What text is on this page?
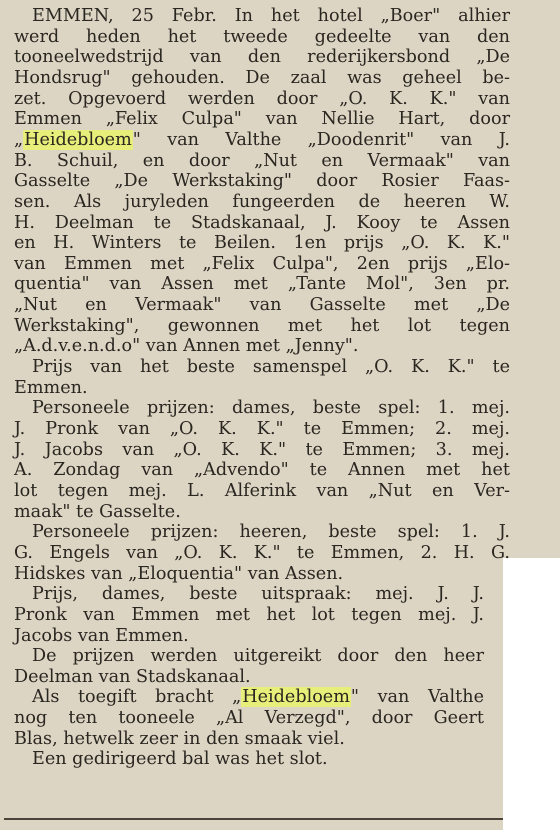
EMMEN, 25 Febr. In het hotel „Boer" alhier
werd heden het tweede gedeelte van den
tooneelwedstrijd van den rederijkersbond „De
Hondsrug" gehouden. De zaal was geheel be-
zet. Opgevoerd werden door „O. K. K." van
Emmen „Felix Culpa" van Nellie Hart, door
„Heidebloem" van Valthe „Doodenrit" van J.
B. Schuil, en door „Nut en Vermaak" van
Gasselte „De Werkstaking" door Rosier Faas-
sen. Als juryleden fungeerden de heeren W.
H. Deelman te Stadskanaal, J. Kooy te Assen
en H. Winters te Beilen. 1en prijs „O. K. K."
van Emmen met „Felix Culpa", 2en prijs „Elo-
quentia" van Assen met „Tante Mol", 3en pr.
„Nut en Vermaak" van Gasselte met „De
Werkstaking", gewonnen met het lot tegen
„A.d.v.e.n.d.o" van Annen met „Jenny".
Prijs van het beste samenspel „O. K. K." te
Emmen.
Personeele prijzen: dames, beste spel: 1. mej.
J. Pronk van „O. K. K." te Emmen; 2. mej.
J. Jacobs van „O. K. K." te Emmen; 3. mej.
A. Zondag van „Advendo" te Annen met het
lot tegen mej. L. Alferink van „Nut en Ver-
maak" te Gasselte.
Personeele prijzen: heeren, beste spel: 1. J.
G. Engels van „O. K. K." te Emmen, 2. H. G.
Hidskes van „Eloquentia" van Assen.
Prijs, dames, beste uitspraak: mej. J. J.
Pronk van Emmen met het lot tegen mej. J.
Jacobs van Emmen.
De prijzen werden uitgereikt door den heer
Deelman van Stadskanaal.
Als toegift bracht „Heidebloem" van Valthe
nog ten tooneele „Al Verzegd", door Geert
Blas, hetwelk zeer in den smaak viel.
Een gedirigeerd bal was het slot.
